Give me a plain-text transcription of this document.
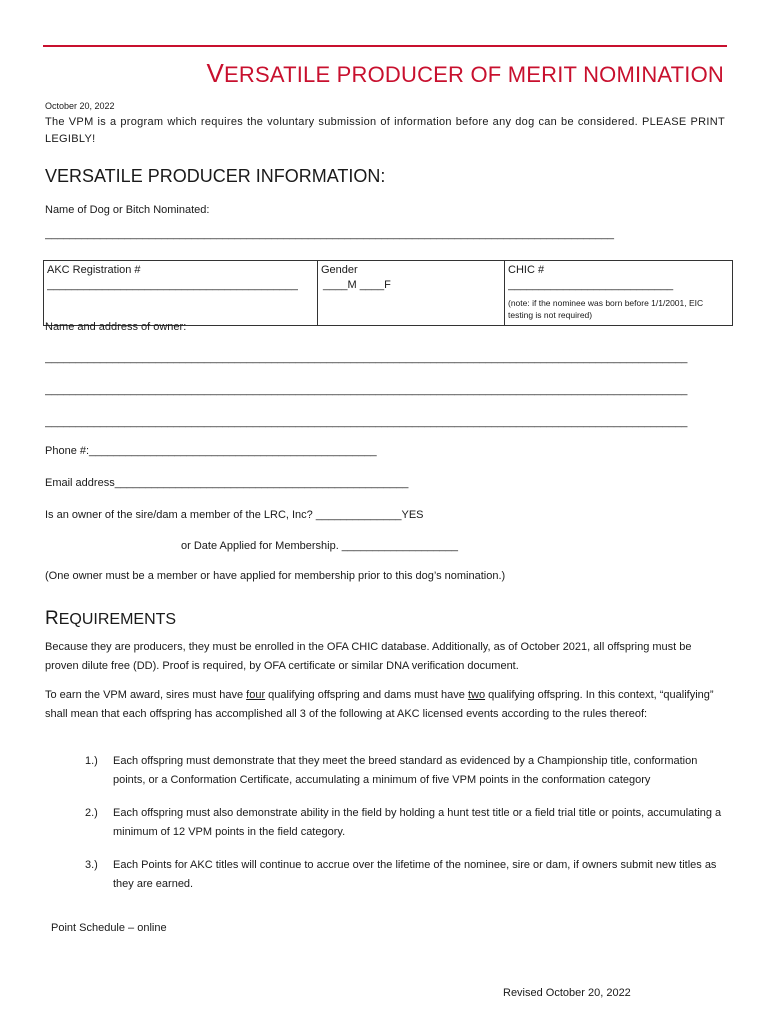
VERSATILE PRODUCER OF MERIT NOMINATION
October 20, 2022
The VPM is a program which requires the voluntary submission of information before any dog can be considered. PLEASE PRINT LEGIBLY!
VERSATILE PRODUCER INFORMATION:
Name of Dog or Bitch Nominated:
_____________________________________________________________________________________________
AKC Registration #
_________________________________________

Gender
____M ____F

CHIC #
___________________________
(note: if the nominee was born before 1/1/2001, EIC testing is not required)
Name and address of owner:
_________________________________________________________________________________________________________
_________________________________________________________________________________________________________
_________________________________________________________________________________________________________
Phone #:_______________________________________________
Email address________________________________________________
Is an owner of the sire/dam a member of the LRC, Inc? ______________YES
or Date Applied for Membership. ___________________
(One owner must be a member or have applied for membership prior to this dog’s nomination.)
REQUIREMENTS
Because they are producers, they must be enrolled in the OFA CHIC database. Additionally, as of October 2021, all offspring must be proven dilute free (DD). Proof is required, by OFA certificate or similar DNA verification document.
To earn the VPM award, sires must have four qualifying offspring and dams must have two qualifying offspring. In this context, “qualifying” shall mean that each offspring has accomplished all 3 of the following at AKC licensed events according to the rules thereof:
1.) Each offspring must demonstrate that they meet the breed standard as evidenced by a Championship title, conformation points, or a Conformation Certificate, accumulating a minimum of five VPM points in the conformation category
2.) Each offspring must also demonstrate ability in the field by holding a hunt test title or a field trial title or points, accumulating a minimum of 12 VPM points in the field category.
3.) Each Points for AKC titles will continue to accrue over the lifetime of the nominee, sire or dam, if owners submit new titles as they are earned.
Point Schedule – online
Revised October 20, 2022
